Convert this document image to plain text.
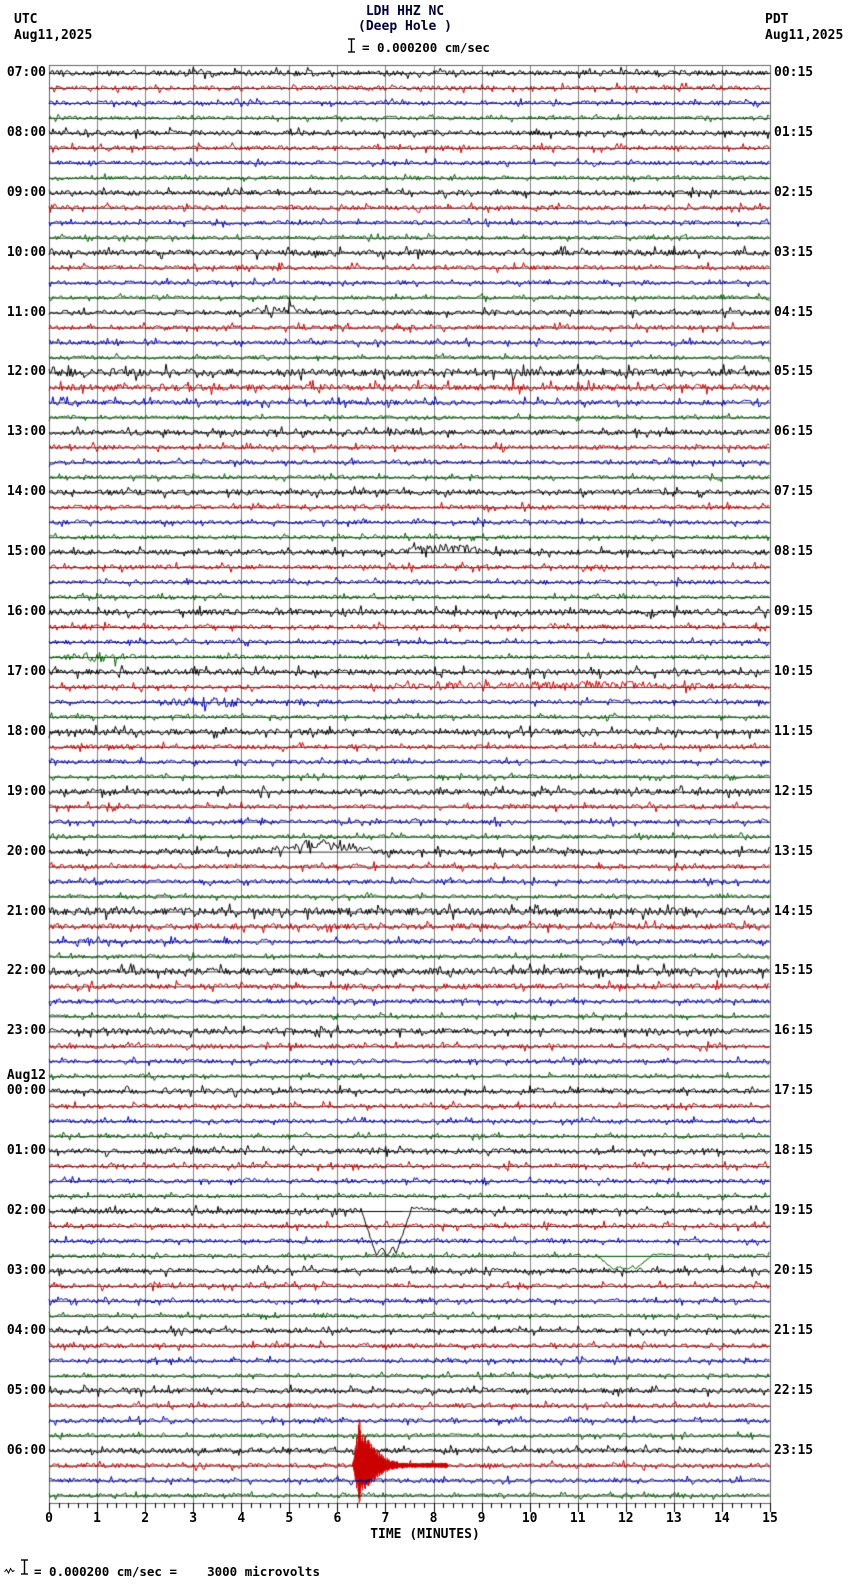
07:00
08:00
09:00
10:00
11:00
12:00
13:00
14:00
15:00
16:00
17:00
18:00
19:00
20:00
21:00
22:00
23:00
Aug12
00:00
01:00
02:00
03:00
04:00
05:00
06:00
00:15
01:15
02:15
03:15
04:15
05:15
06:15
07:15
08:15
09:15
10:15
11:15
12:15
13:15
14:15
15:15
16:15
17:15
18:15
19:15
20:15
21:15
22:15
23:15
0	1	2	3	4	5	6	7	8	9	10	11	12	13	14	15
TIME (MINUTES)
= 0.000200 cm/sec =    3000 microvolts
